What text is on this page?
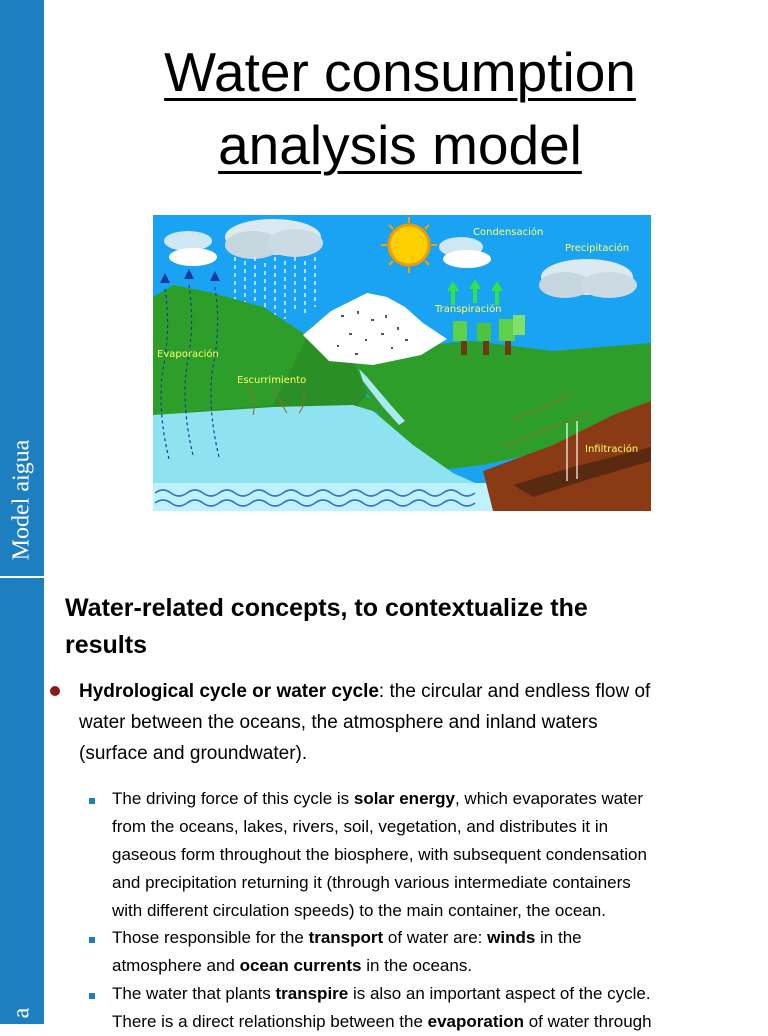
Model aigua
a
Water consumption
analysis model
Condensación
Precipitación
Transpiración
Evaporación
Escurrimiento
Infiltración
Water-related concepts, to contextualize the
results
Hydrological cycle or water cycle: the circular and endless flow of
water between the oceans, the atmosphere and inland waters
(surface and groundwater).
The driving force of this cycle is solar energy, which evaporates water
from the oceans, lakes, rivers, soil, vegetation, and distributes it in
gaseous form throughout the biosphere, with subsequent condensation
and precipitation returning it (through various intermediate containers
with different circulation speeds) to the main container, the ocean.
Those responsible for the transport of water are: winds in the
atmosphere and ocean currents in the oceans.
The water that plants transpire is also an important aspect of the cycle.
There is a direct relationship between the evaporation of water through
